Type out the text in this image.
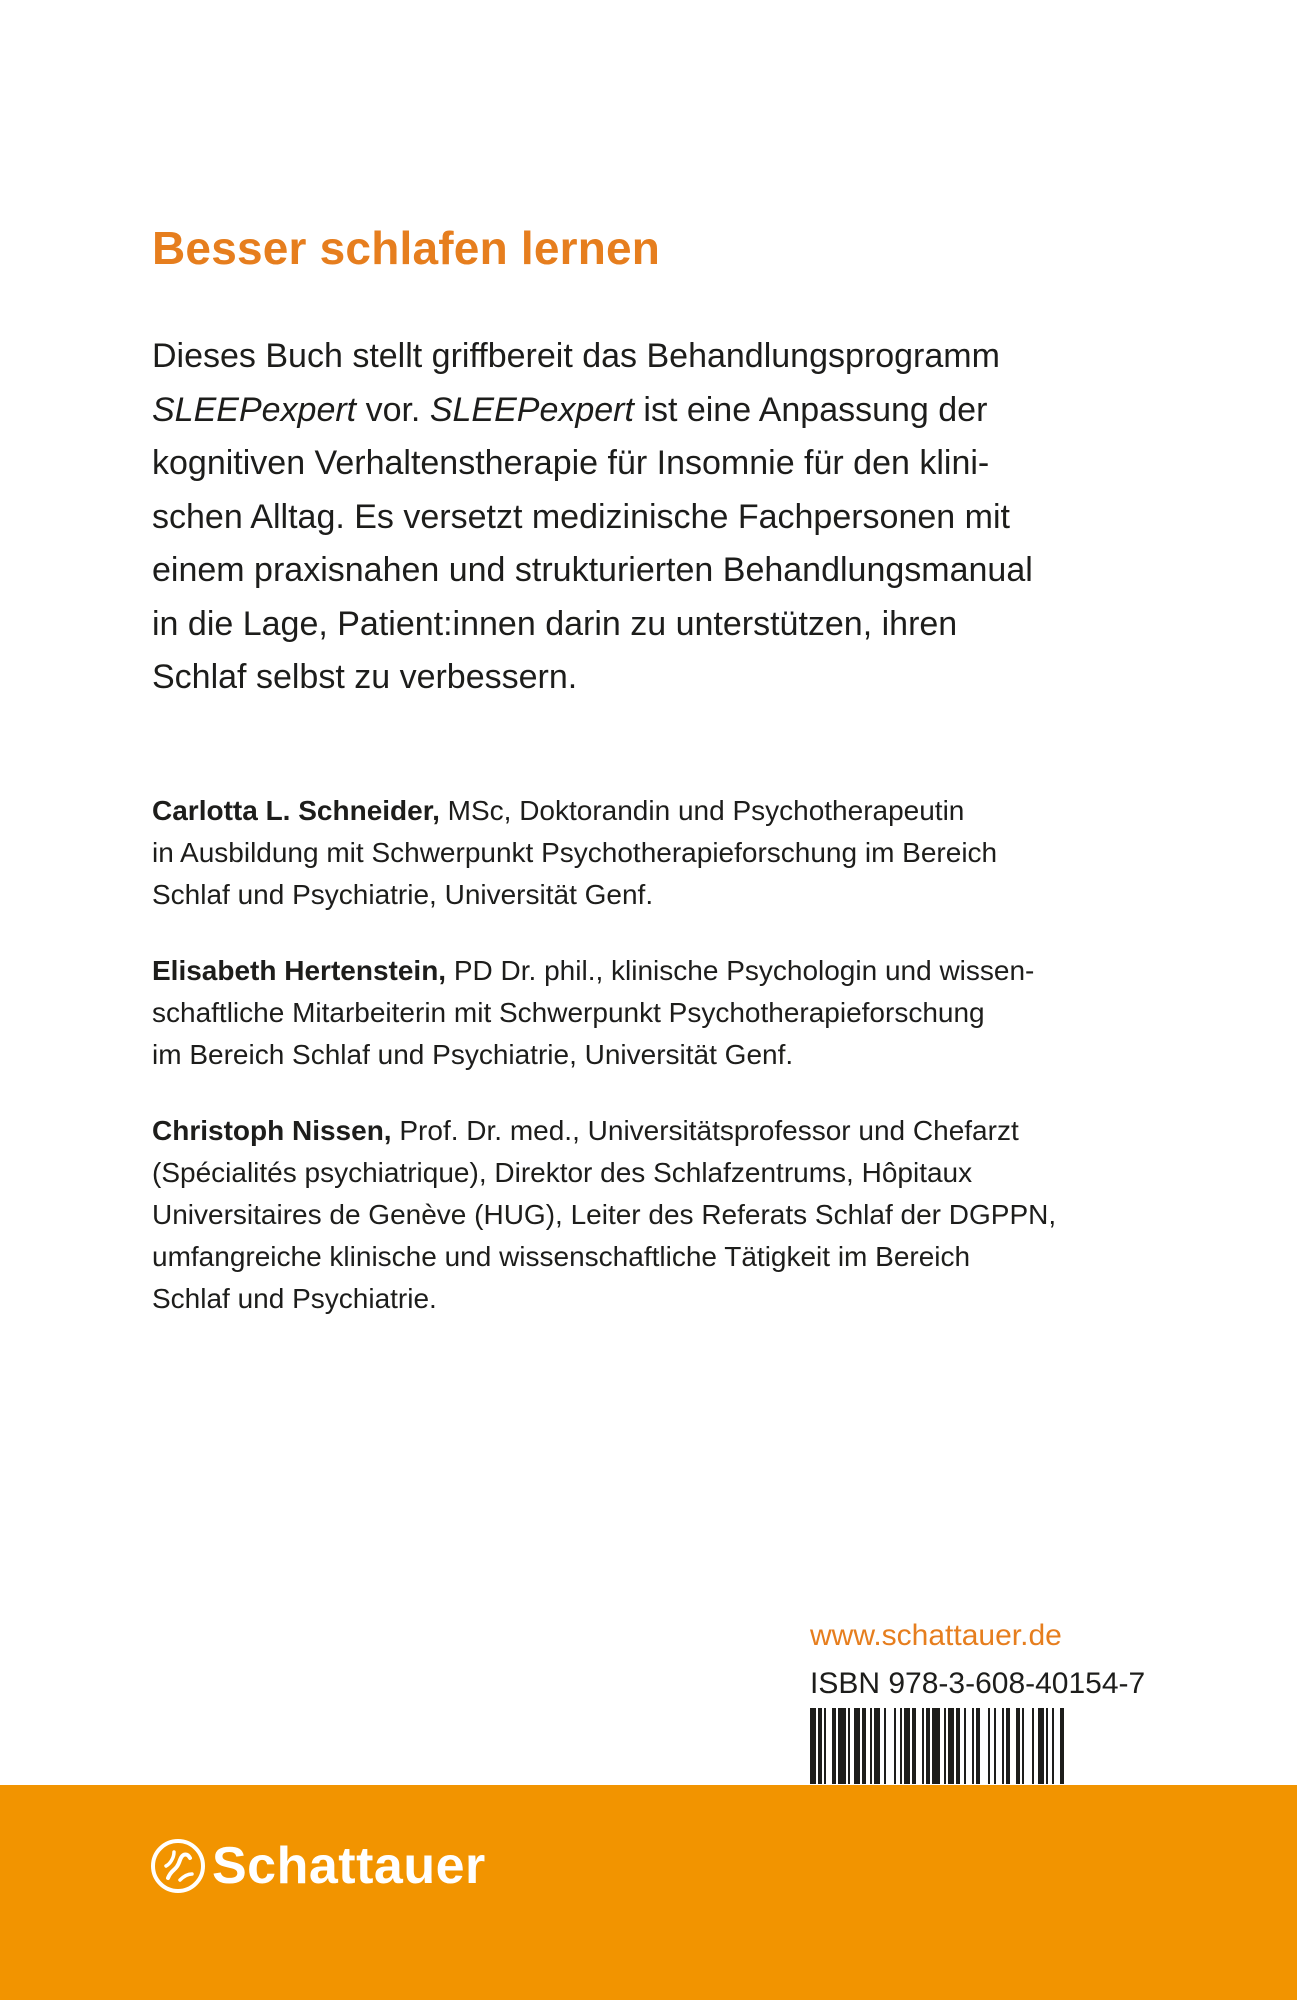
Besser schlafen lernen

Dieses Buch stellt griffbereit das Behandlungsprogramm
SLEEPexpert vor. SLEEPexpert ist eine Anpassung der
kognitiven Verhaltenstherapie für Insomnie für den klini-
schen Alltag. Es versetzt medizinische Fachpersonen mit
einem praxisnahen und strukturierten Behandlungsmanual
in die Lage, Patient:innen darin zu unterstützen, ihren
Schlaf selbst zu verbessern.

Carlotta L. Schneider, MSc, Doktorandin und Psychotherapeutin
in Ausbildung mit Schwerpunkt Psychotherapieforschung im Bereich
Schlaf und Psychiatrie, Universität Genf.

Elisabeth Hertenstein, PD Dr. phil., klinische Psychologin und wissen-
schaftliche Mitarbeiterin mit Schwerpunkt Psychotherapieforschung
im Bereich Schlaf und Psychiatrie, Universität Genf.

Christoph Nissen, Prof. Dr. med., Universitätsprofessor und Chefarzt
(Spécialités psychiatrique), Direktor des Schlafzentrums, Hôpitaux
Universitaires de Genève (HUG), Leiter des Referats Schlaf der DGPPN,
umfangreiche klinische und wissenschaftliche Tätigkeit im Bereich
Schlaf und Psychiatrie.

www.schattauer.de
ISBN 978-3-608-40154-7
Schattauer
